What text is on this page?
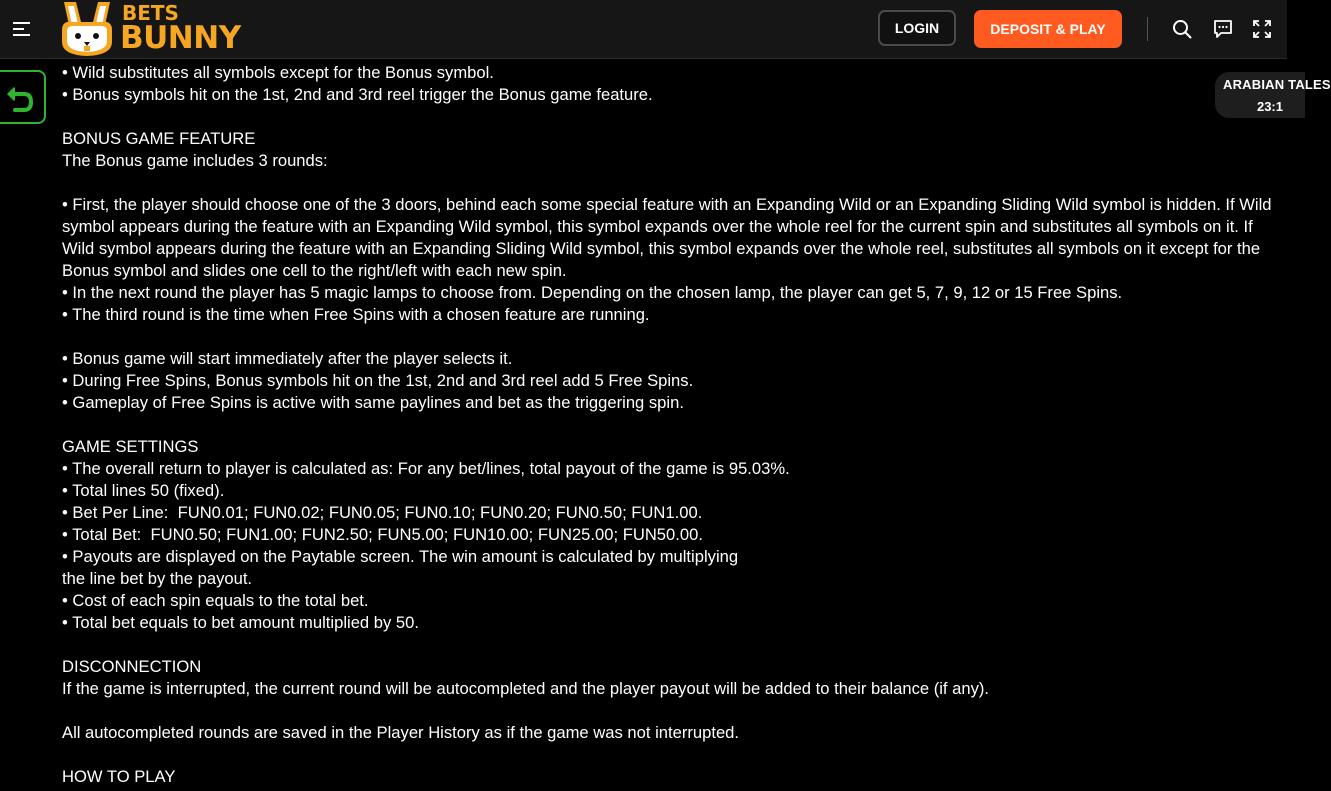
BETS
BUNNY	LOGIN	DEPOSIT & PLAY
ARABIAN TALES
23:1

• Wild substitutes all symbols except for the Bonus symbol.

• Bonus symbols hit on the 1st, 2nd and 3rd reel trigger the Bonus game feature.

BONUS GAME FEATURE

The Bonus game includes 3 rounds:

• First, the player should choose one of the 3 doors, behind each some special feature with an Expanding Wild or an Expanding Sliding Wild symbol is hidden. If Wild symbol appears during the feature with an Expanding Wild symbol, this symbol expands over the whole reel for the current spin and substitutes all symbols on it. If Wild symbol appears during the feature with an Expanding Sliding Wild symbol, this symbol expands over the whole reel, substitutes all symbols on it except for the Bonus symbol and slides one cell to the right/left with each new spin.

• In the next round the player has 5 magic lamps to choose from. Depending on the chosen lamp, the player can get 5, 7, 9, 12 or 15 Free Spins.

• The third round is the time when Free Spins with a chosen feature are running.

• Bonus game will start immediately after the player selects it.

• During Free Spins, Bonus symbols hit on the 1st, 2nd and 3rd reel add 5 Free Spins.

• Gameplay of Free Spins is active with same paylines and bet as the triggering spin.

GAME SETTINGS

• The overall return to player is calculated as: For any bet/lines, total payout of the game is 95.03%.

• Total lines 50 (fixed).

• Bet Per Line:  FUN0.01; FUN0.02; FUN0.05; FUN0.10; FUN0.20; FUN0.50; FUN1.00.

• Total Bet:  FUN0.50; FUN1.00; FUN2.50; FUN5.00; FUN10.00; FUN25.00; FUN50.00.

• Payouts are displayed on the Paytable screen. The win amount is calculated by multiplying

the line bet by the payout.

• Cost of each spin equals to the total bet.

• Total bet equals to bet amount multiplied by 50.

DISCONNECTION

If the game is interrupted, the current round will be autocompleted and the player payout will be added to their balance (if any).

All autocompleted rounds are saved in the Player History as if the game was not interrupted.

HOW TO PLAY
